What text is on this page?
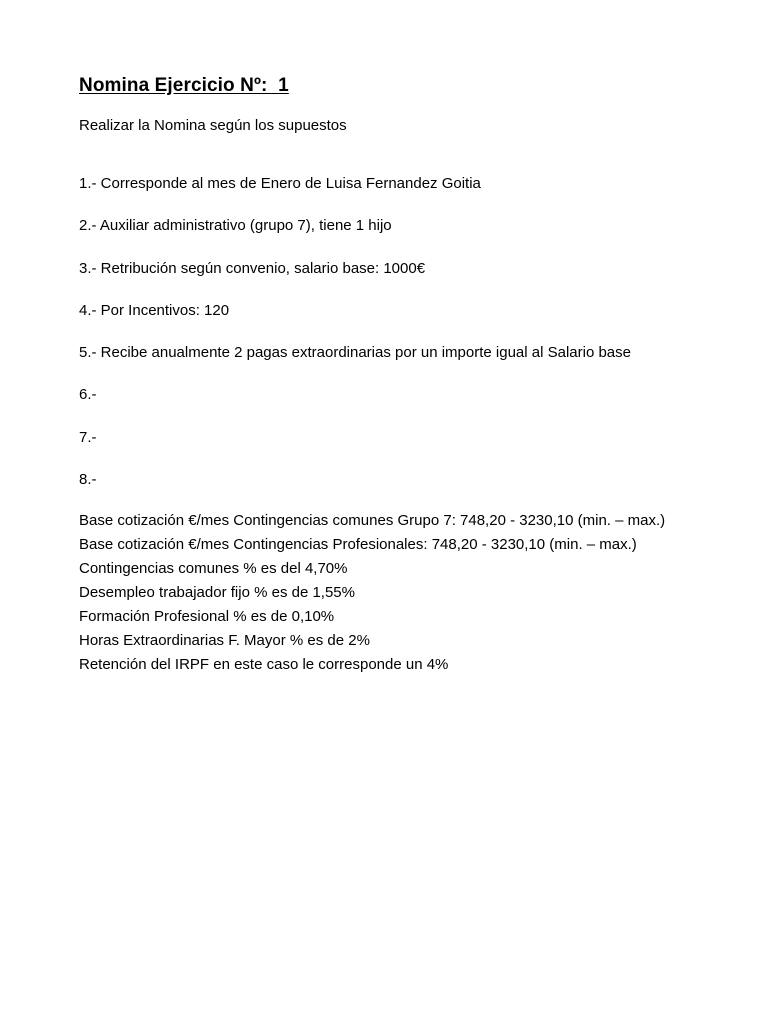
Nomina Ejercicio Nº:  1

Realizar la Nomina según los supuestos

1.- Corresponde al mes de Enero de Luisa Fernandez Goitia
2.- Auxiliar administrativo (grupo 7), tiene 1 hijo
3.- Retribución según convenio, salario base: 1000€
4.- Por Incentivos: 120
5.- Recibe anualmente 2 pagas extraordinarias por un importe igual al Salario base
6.-
7.-
8.-
Base cotización €/mes Contingencias comunes Grupo 7: 748,20 - 3230,10 (min. – max.)
Base cotización €/mes Contingencias Profesionales: 748,20 - 3230,10 (min. – max.)
Contingencias comunes % es del 4,70%
Desempleo trabajador fijo % es de 1,55%
Formación Profesional % es de 0,10%
Horas Extraordinarias F. Mayor % es de 2%
Retención del IRPF en este caso le corresponde un 4%
